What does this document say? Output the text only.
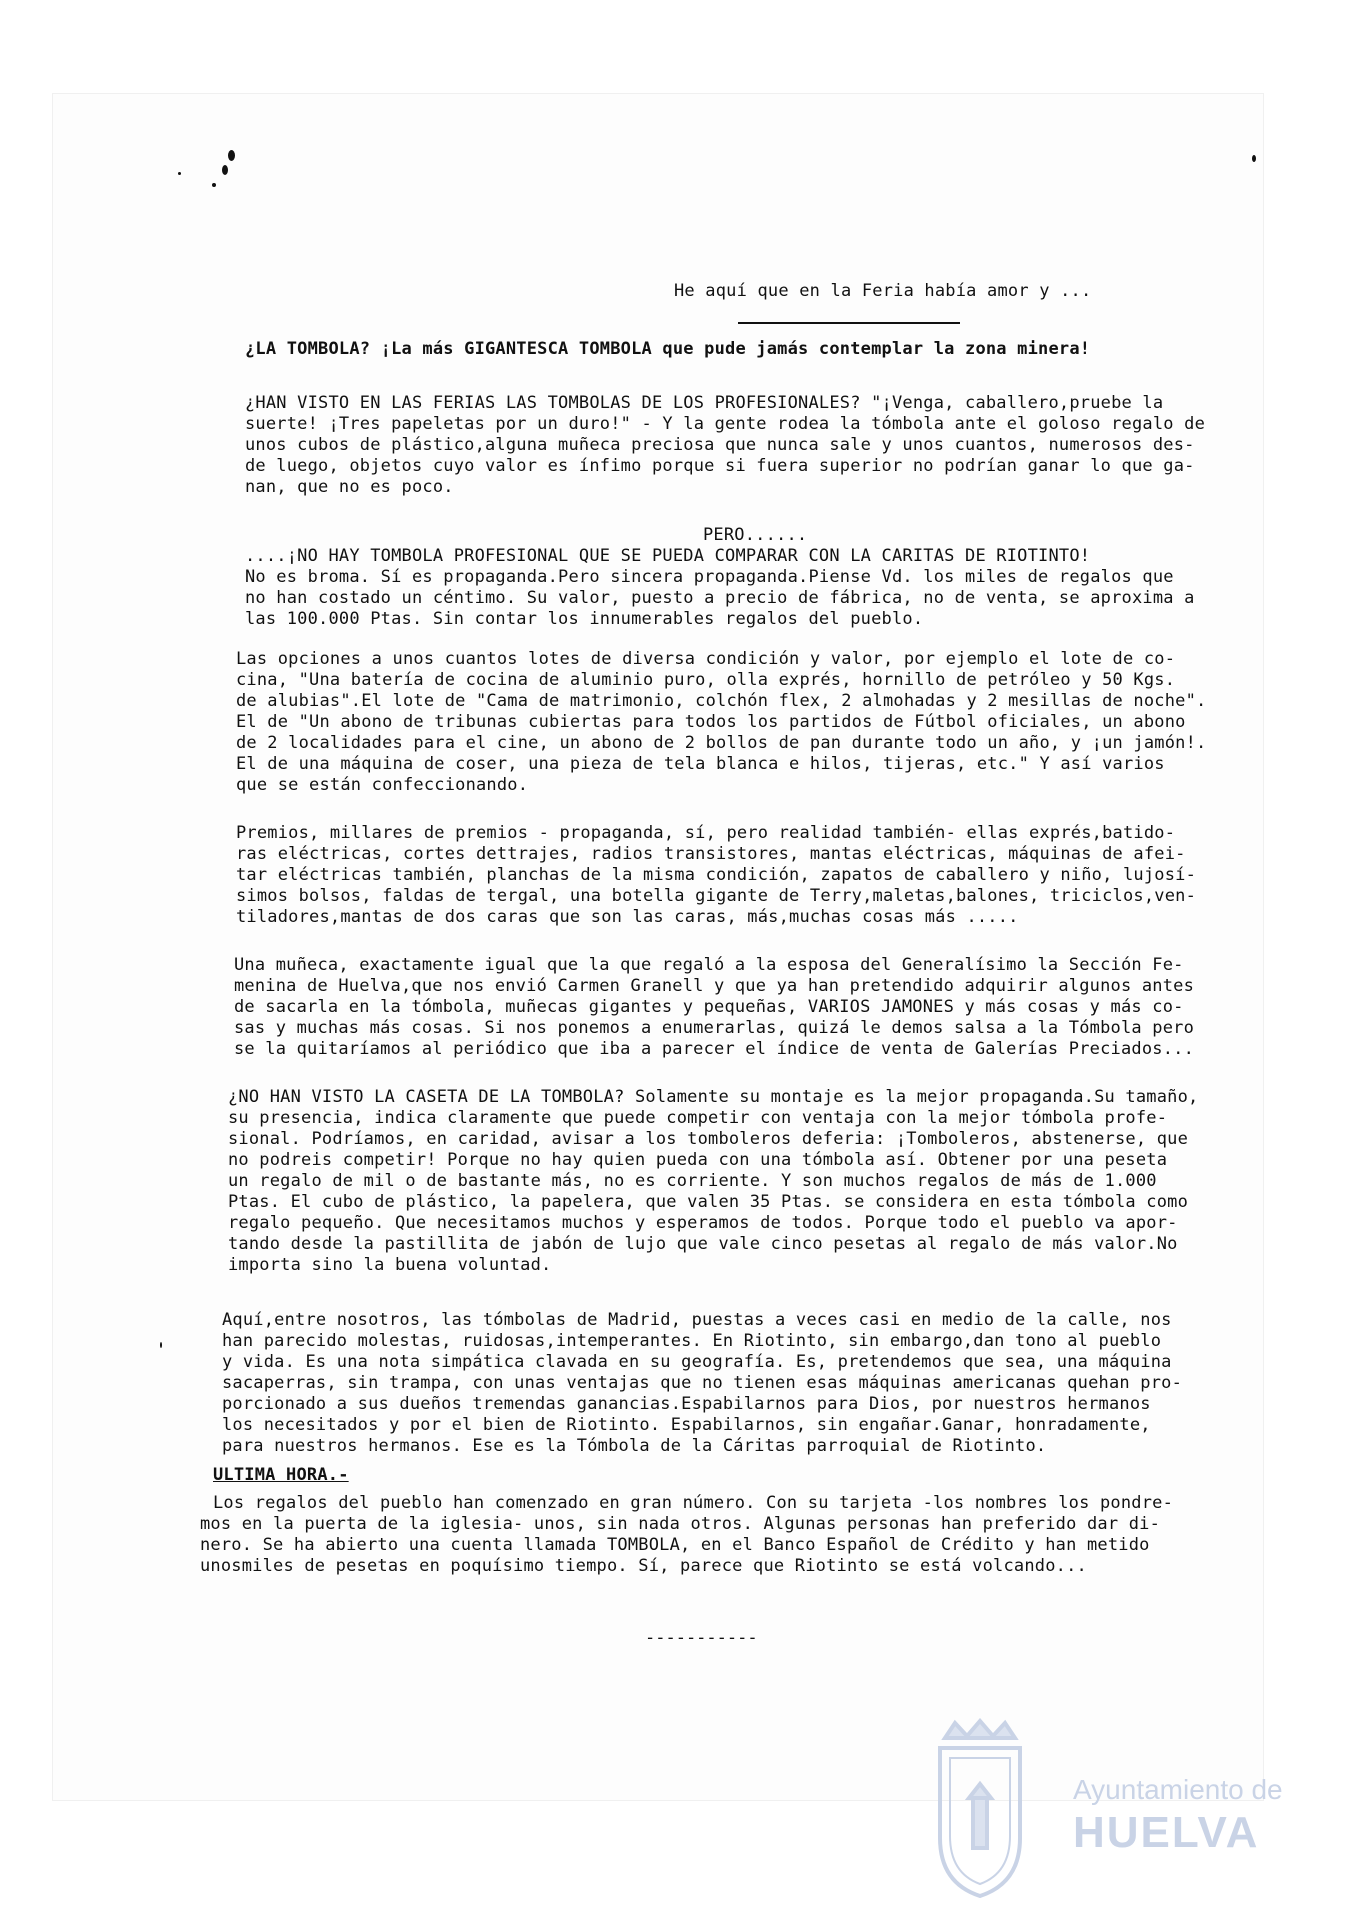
He aquí que en la Feria había amor y ...
¿LA TOMBOLA? ¡La más GIGANTESCA TOMBOLA que pude jamás contemplar la zona minera!
¿HAN VISTO EN LAS FERIAS LAS TOMBOLAS DE LOS PROFESIONALES? "¡Venga, caballero,pruebe la
suerte! ¡Tres papeletas por un duro!" - Y la gente rodea la tómbola ante el goloso regalo de
unos cubos de plástico,alguna muñeca preciosa que nunca sale y unos cuantos, numerosos des-
de luego, objetos cuyo valor es ínfimo porque si fuera superior no podrían ganar lo que ga-
nan, que no es poco.
PERO......
....¡NO HAY TOMBOLA PROFESIONAL QUE SE PUEDA COMPARAR CON LA CARITAS DE RIOTINTO!
No es broma. Sí es propaganda.Pero sincera propaganda.Piense Vd. los miles de regalos que
no han costado un céntimo. Su valor, puesto a precio de fábrica, no de venta, se aproxima a
las 100.000 Ptas. Sin contar los innumerables regalos del pueblo.
Las opciones a unos cuantos lotes de diversa condición y valor, por ejemplo el lote de co-
cina, "Una batería de cocina de aluminio puro, olla exprés, hornillo de petróleo y 50 Kgs.
de alubias".El lote de "Cama de matrimonio, colchón flex, 2 almohadas y 2 mesillas de noche".
El de "Un abono de tribunas cubiertas para todos los partidos de Fútbol oficiales, un abono
de 2 localidades para el cine, un abono de 2 bollos de pan durante todo un año, y ¡un jamón!.
El de una máquina de coser, una pieza de tela blanca e hilos, tijeras, etc." Y así varios
que se están confeccionando.
Premios, millares de premios - propaganda, sí, pero realidad también- ellas exprés,batido-
ras eléctricas, cortes dettrajes, radios transistores, mantas eléctricas, máquinas de afei-
tar eléctricas también, planchas de la misma condición, zapatos de caballero y niño, lujosí-
simos bolsos, faldas de tergal, una botella gigante de Terry,maletas,balones, triciclos,ven-
tiladores,mantas de dos caras que son las caras, más,muchas cosas más .....
Una muñeca, exactamente igual que la que regaló a la esposa del Generalísimo la Sección Fe-
menina de Huelva,que nos envió Carmen Granell y que ya han pretendido adquirir algunos antes
de sacarla en la tómbola, muñecas gigantes y pequeñas, VARIOS JAMONES y más cosas y más co-
sas y muchas más cosas. Si nos ponemos a enumerarlas, quizá le demos salsa a la Tómbola pero
se la quitaríamos al periódico que iba a parecer el índice de venta de Galerías Preciados...
¿NO HAN VISTO LA CASETA DE LA TOMBOLA? Solamente su montaje es la mejor propaganda.Su tamaño,
su presencia, indica claramente que puede competir con ventaja con la mejor tómbola profe-
sional. Podríamos, en caridad, avisar a los tomboleros deferia: ¡Tomboleros, abstenerse, que
no podreis competir! Porque no hay quien pueda con una tómbola así. Obtener por una peseta
un regalo de mil o de bastante más, no es corriente. Y son muchos regalos de más de 1.000
Ptas. El cubo de plástico, la papelera, que valen 35 Ptas. se considera en esta tómbola como
regalo pequeño. Que necesitamos muchos y esperamos de todos. Porque todo el pueblo va apor-
tando desde la pastillita de jabón de lujo que vale cinco pesetas al regalo de más valor.No
importa sino la buena voluntad.
Aquí,entre nosotros, las tómbolas de Madrid, puestas a veces casi en medio de la calle, nos
han parecido molestas, ruidosas,intemperantes. En Riotinto, sin embargo,dan tono al pueblo
y vida. Es una nota simpática clavada en su geografía. Es, pretendemos que sea, una máquina
sacaperras, sin trampa, con unas ventajas que no tienen esas máquinas americanas quehan pro-
porcionado a sus dueños tremendas ganancias.Espabilarnos para Dios, por nuestros hermanos
los necesitados y por el bien de Riotinto. Espabilarnos, sin engañar.Ganar, honradamente,
para nuestros hermanos. Ese es la Tómbola de la Cáritas parroquial de Riotinto.
ULTIMA HORA.-
Los regalos del pueblo han comenzado en gran número. Con su tarjeta -los nombres los pondre-
mos en la puerta de la iglesia- unos, sin nada otros. Algunas personas han preferido dar di-
nero. Se ha abierto una cuenta llamada TOMBOLA, en el Banco Español de Crédito y han metido
unosmiles de pesetas en poquísimo tiempo. Sí, parece que Riotinto se está volcando...
-----------
Ayuntamiento de
HUELVA
